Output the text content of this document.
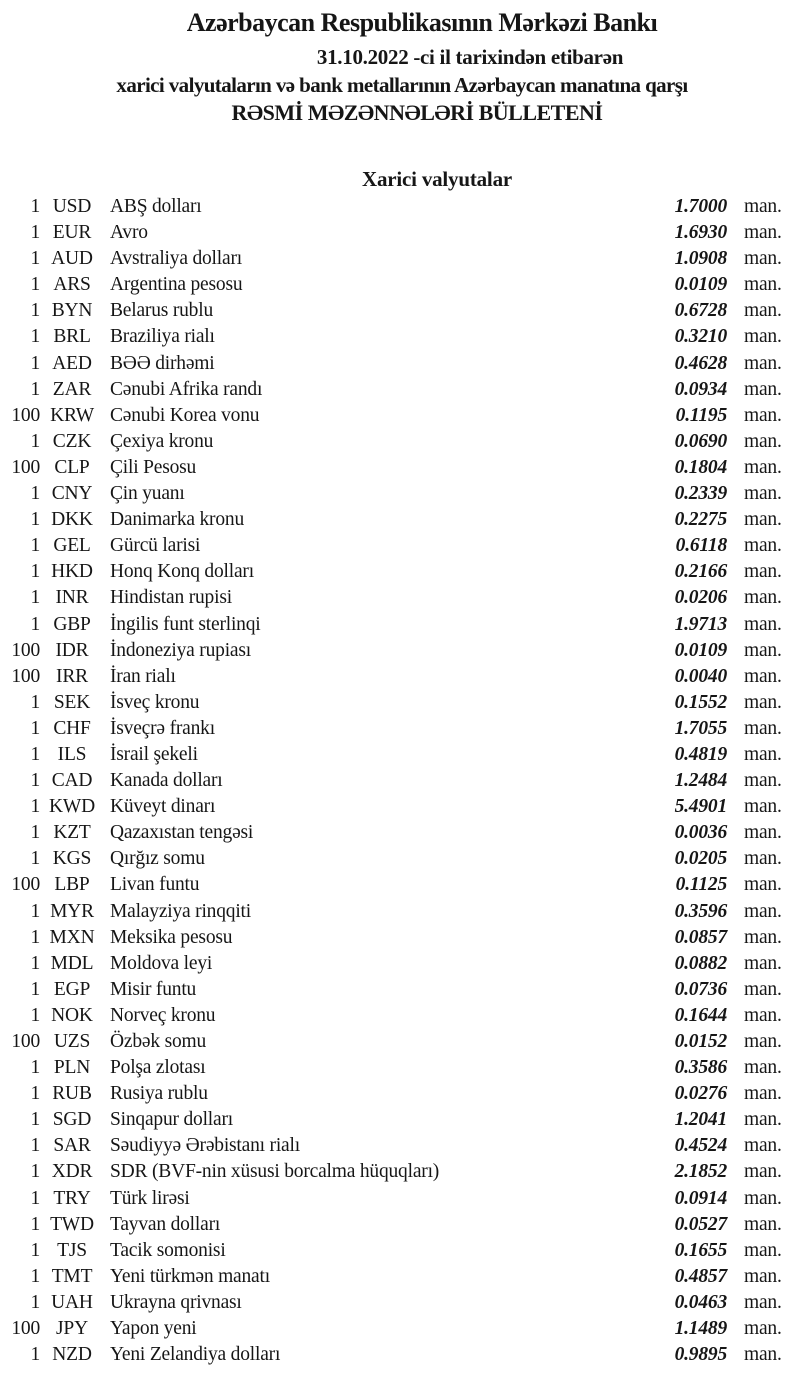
Azərbaycan Respublikasının Mərkəzi Bankı
31.10.2022 -ci il tarixindən etibarən
xarici valyutaların və bank metallarının Azərbaycan manatına qarşı
RƏSMİ MƏZƏNNƏLƏRİ BÜLLETENİ
Xarici valyutalar
1 USD ABŞ dolları	1.7000 man.
1 EUR Avro	1.6930 man.
1 AUD Avstraliya dolları	1.0908 man.
1 ARS Argentina pesosu	0.0109 man.
1 BYN Belarus rublu	0.6728 man.
1 BRL Braziliya rialı	0.3210 man.
1 AED BƏƏ dirhəmi	0.4628 man.
1 ZAR Cənubi Afrika randı	0.0934 man.
100 KRW Cənubi Korea vonu	0.1195 man.
1 CZK Çexiya kronu	0.0690 man.
100 CLP	Çili Pesosu	0.1804 man.
1 CNY Çin yuanı	0.2339 man.
1 DKK Danimarka kronu	0.2275 man.
1 GEL Gürcü larisi	0.6118 man.
1 HKD Honq Konq dolları	0.2166 man.
1 INR	Hindistan rupisi	0.0206 man.
1 GBP İngilis funt sterlinqi	1.9713 man.
100 IDR	İndoneziya rupiası	0.0109 man.
100 IRR	İran rialı	0.0040 man.
1 SEK	İsveç kronu	0.1552 man.
1 CHF İsveçrə frankı	1.7055 man.
1 ILS	İsrail şekeli	0.4819 man.
1 CAD Kanada dolları	1.2484 man.
1 KWD Küveyt dinarı	5.4901 man.
1 KZT Qazaxıstan tengəsi	0.0036 man.
1 KGS Qırğız somu	0.0205 man.
100 LBP	Livan funtu	0.1125 man.
1 MYR Malayziya rinqqiti	0.3596 man.
1 MXN Meksika pesosu	0.0857 man.
1 MDL Moldova leyi	0.0882 man.
1 EGP	Misir funtu	0.0736 man.
1 NOK Norveç kronu	0.1644 man.
100 UZS	Özbək somu	0.0152 man.
1 PLN	Polşa zlotası	0.3586 man.
1 RUB Rusiya rublu	0.0276 man.
1 SGD Sinqapur dolları	1.2041 man.
1 SAR Səudiyyə Ərəbistanı rialı	0.4524 man.
1 XDR SDR (BVF-nin xüsusi borcalma hüquqları)	2.1852 man.
1 TRY Türk lirəsi	0.0914 man.
1 TWD Tayvan dolları	0.0527 man.
1 TJS	Tacik somonisi	0.1655 man.
1 TMT Yeni türkmən manatı	0.4857 man.
1 UAH Ukrayna qrivnası	0.0463 man.
100 JPY	Yapon yeni	1.1489 man.
1 NZD Yeni Zelandiya dolları	0.9895 man.
